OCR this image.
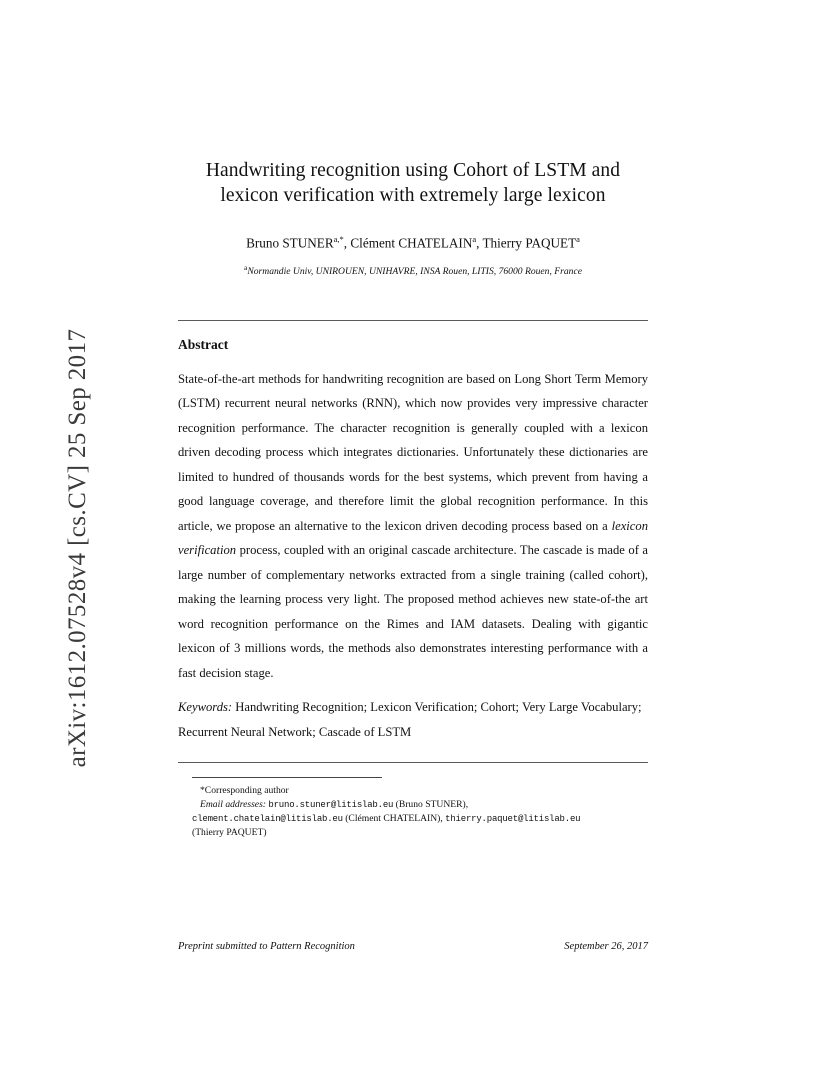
arXiv:1612.07528v4 [cs.CV] 25 Sep 2017
Handwriting recognition using Cohort of LSTM and
lexicon verification with extremely large lexicon
Bruno $STUNER^{a,*}$, Clément CHATELAIN$^a$, Thierry PAQUET$^a$
$^a$Normandie Univ, UNIROUEN, UNIHAVRE, INSA Rouen, LITIS, 76000 Rouen, France
Abstract
State-of-the-art methods for handwriting recognition are based on Long Short Term Memory (LSTM) recurrent neural networks (RNN), which now provides very impressive character recognition performance. The character recognition is generally coupled with a lexicon driven decoding process which integrates dictionaries. Unfortunately these dictionaries are limited to hundred of thousands words for the best systems, which prevent from having a good language coverage, and therefore limit the global recognition performance. In this article, we propose an alternative to the lexicon driven decoding process based on a lexicon verification process, coupled with an original cascade architecture. The cascade is made of a large number of complementary networks extracted from a single training (called cohort), making the learning process very light. The proposed method achieves new state-of-the art word recognition performance on the Rimes and IAM datasets. Dealing with gigantic lexicon of 3 millions words, the methods also demonstrates interesting performance with a fast decision stage.
Keywords: Handwriting Recognition; Lexicon Verification; Cohort; Very Large Vocabulary; Recurrent Neural Network; Cascade of LSTM
*Corresponding author
Email addresses: bruno.stuner@litislab.eu (Bruno STUNER),
clement.chatelain@litislab.eu (Clément CHATELAIN), thierry.paquet@litislab.eu
(Thierry PAQUET)
Preprint submitted to Pattern Recognition	September 26, 2017
